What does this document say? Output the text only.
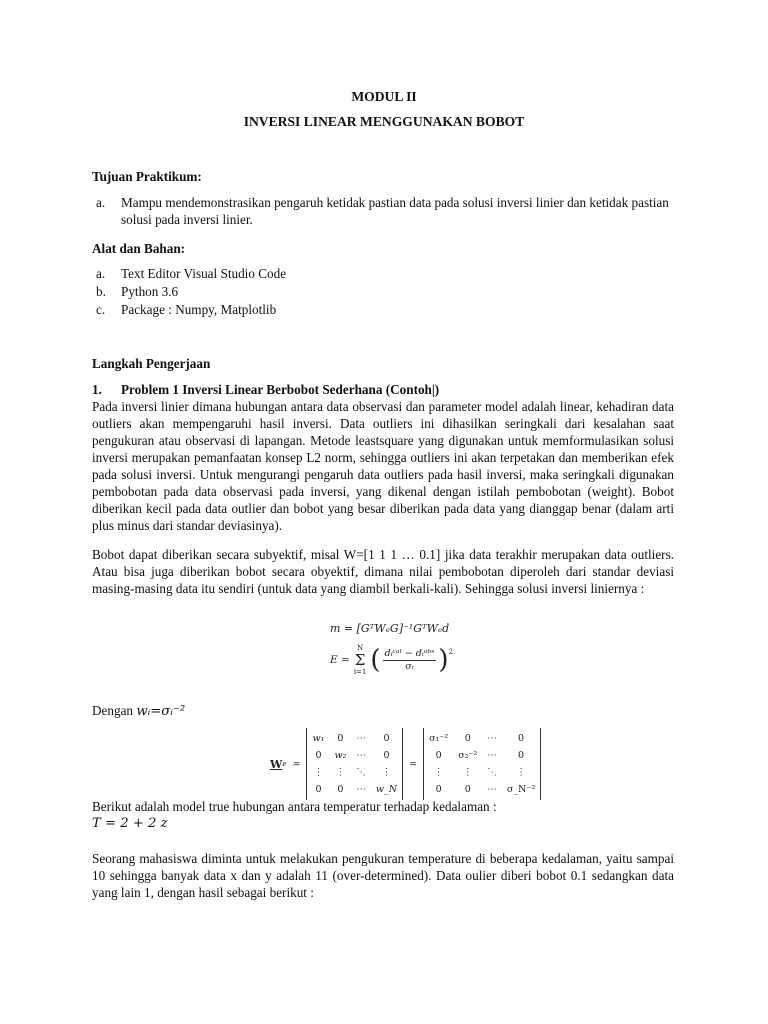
MODUL II
INVERSI LINEAR MENGGUNAKAN BOBOT
Tujuan Praktikum:
a.	Mampu mendemonstrasikan pengaruh ketidak pastian data pada solusi inversi linier dan ketidak pastian solusi pada inversi linier.
Alat dan Bahan:
a.	Text Editor Visual Studio Code
b.	Python 3.6
c.	Package : Numpy, Matplotlib
Langkah Pengerjaan
1.	Problem 1 Inversi Linear Berbobot Sederhana (Contoh|)
Pada inversi linier dimana hubungan antara data observasi dan parameter model adalah linear, kehadiran data outliers akan mempengaruhi hasil inversi. Data outliers ini dihasilkan seringkali dari kesalahan saat pengukuran atau observasi di lapangan. Metode leastsquare yang digunakan untuk memformulasikan solusi inversi merupakan pemanfaatan konsep L2 norm, sehingga outliers ini akan terpetakan dan memberikan efek pada solusi inversi. Untuk mengurangi pengaruh data outliers pada hasil inversi, maka seringkali digunakan pembobotan pada data observasi pada inversi, yang dikenal dengan istilah pembobotan (weight). Bobot diberikan kecil pada data outlier dan bobot yang besar diberikan pada data yang dianggap benar (dalam arti plus minus dari standar deviasinya).
Bobot dapat diberikan secara subyektif, misal W=[1 1 1 … 0.1] jika data terakhir merupakan data outliers. Atau bisa juga diberikan bobot secara obyektif, dimana nilai pembobotan diperoleh dari standar deviasi masing-masing data itu sendiri (untuk data yang diambil berkali-kali). Sehingga solusi inversi liniernya :
m = [GᵀWₑG]⁻¹GᵀWₑd
E =
N
Σ
i=1 ( dᵢᶜᵃˡ − dᵢᵒᵇˢ
σᵢ ) 2
Dengan wᵢ=σᵢ⁻²
W e =
w₁	0	⋯	0
0	w₂	⋯	0
⋮	⋮	⋱	⋮
0	0	⋯	w_N
=
σ₁⁻²	0	⋯	0
0	σ₂⁻²	⋯	0
⋮	⋮	⋱	⋮
0	0	⋯	σ_N⁻²
Berikut adalah model true hubungan antara temperatur terhadap kedalaman :
T = 2 + 2 z
Seorang mahasiswa diminta untuk melakukan pengukuran temperature di beberapa kedalaman, yaitu sampai 10 sehingga banyak data x dan y adalah 11 (over-determined). Data oulier diberi bobot 0.1 sedangkan data yang lain 1, dengan hasil sebagai berikut :
